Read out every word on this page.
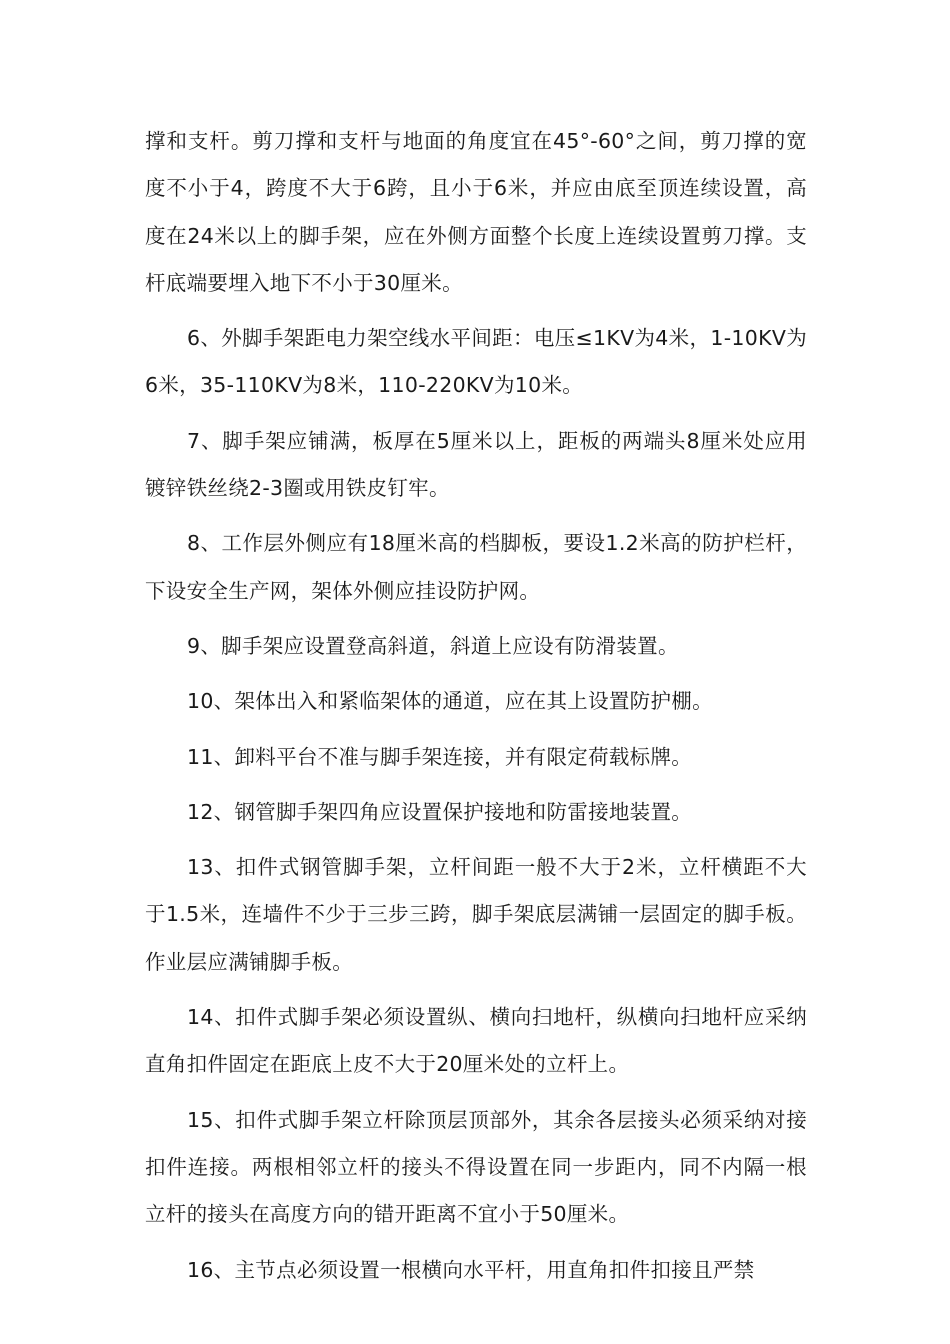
撑和支杆。剪刀撑和支杆与地面的角度宜在45°-60°之间，剪刀撑的宽度不小于4，跨度不大于6跨，且小于6米，并应由底至顶连续设置，高度在24米以上的脚手架，应在外侧方面整个长度上连续设置剪刀撑。支杆底端要埋入地下不小于30厘米。

6、外脚手架距电力架空线水平间距：电压≤1KV为4米，1-10KV为6米，35-110KV为8米，110-220KV为10米。

7、脚手架应铺满，板厚在5厘米以上，距板的两端头8厘米处应用镀锌铁丝绕2-3圈或用铁皮钉牢。

8、工作层外侧应有18厘米高的档脚板，要设1.2米高的防护栏杆，下设安全生产网，架体外侧应挂设防护网。

9、脚手架应设置登高斜道，斜道上应设有防滑装置。

10、架体出入和紧临架体的通道，应在其上设置防护棚。

11、卸料平台不准与脚手架连接，并有限定荷载标牌。

12、钢管脚手架四角应设置保护接地和防雷接地装置。

13、扣件式钢管脚手架，立杆间距一般不大于2米，立杆横距不大于1.5米，连墙件不少于三步三跨，脚手架底层满铺一层固定的脚手板。作业层应满铺脚手板。

14、扣件式脚手架必须设置纵、横向扫地杆，纵横向扫地杆应采纳直角扣件固定在距底上皮不大于20厘米处的立杆上。

15、扣件式脚手架立杆除顶层顶部外，其余各层接头必须采纳对接扣件连接。两根相邻立杆的接头不得设置在同一步距内，同不内隔一根立杆的接头在高度方向的错开距离不宜小于50厘米。

16、主节点必须设置一根横向水平杆，用直角扣件扣接且严禁
